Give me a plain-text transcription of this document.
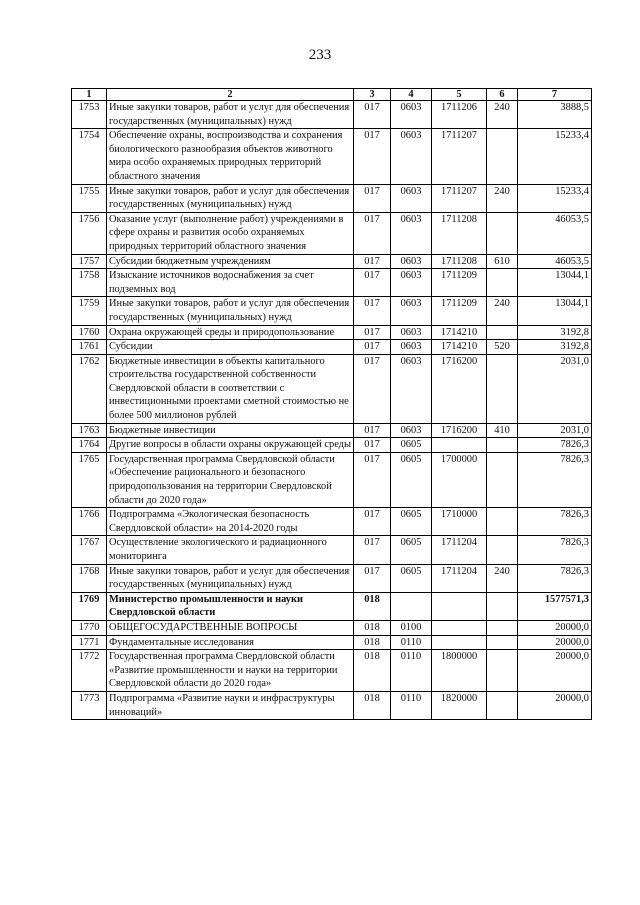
233
1	2	3	4	5	6	7
1753	Иные закупки товаров, работ и услуг для обеспечения государственных (муниципальных) нужд	017	0603	1711206	240	3888,5
1754	Обеспечение охраны, воспроизводства и сохранения биологического разнообразия объектов животного мира особо охраняемых природных территорий областного значения	017	0603	1711207		15233,4
1755	Иные закупки товаров, работ и услуг для обеспечения государственных (муниципальных) нужд	017	0603	1711207	240	15233,4
1756	Оказание услуг (выполнение работ) учреждениями в сфере охраны и развития особо охраняемых природных территорий областного значения	017	0603	1711208		46053,5
1757	Субсидии бюджетным учреждениям	017	0603	1711208	610	46053,5
1758	Изыскание источников водоснабжения за счет подземных вод	017	0603	1711209		13044,1
1759	Иные закупки товаров, работ и услуг для обеспечения государственных (муниципальных) нужд	017	0603	1711209	240	13044,1
1760	Охрана окружающей среды и природопользование	017	0603	1714210		3192,8
1761	Субсидии	017	0603	1714210	520	3192,8
1762	Бюджетные инвестиции в объекты капитального строительства государственной собственности Свердловской области в соответствии с инвестиционными проектами сметной стоимостью не более 500 миллионов рублей	017	0603	1716200		2031,0
1763	Бюджетные инвестиции	017	0603	1716200	410	2031,0
1764	Другие вопросы в области охраны окружающей среды	017	0605			7826,3
1765	Государственная программа Свердловской области «Обеспечение рационального и безопасного природопользования на территории Свердловской области до 2020 года»	017	0605	1700000		7826,3
1766	Подпрограмма «Экологическая безопасность Свердловской области» на 2014-2020 годы	017	0605	1710000		7826,3
1767	Осуществление экологического и радиационного мониторинга	017	0605	1711204		7826,3
1768	Иные закупки товаров, работ и услуг для обеспечения государственных (муниципальных) нужд	017	0605	1711204	240	7826,3
1769	Министерство промышленности и науки Свердловской области	018				1577571,3
1770	ОБЩЕГОСУДАРСТВЕННЫЕ ВОПРОСЫ	018	0100			20000,0
1771	Фундаментальные исследования	018	0110			20000,0
1772	Государственная программа Свердловской области «Развитие промышленности и науки на территории Свердловской области до 2020 года»	018	0110	1800000		20000,0
1773	Подпрограмма «Развитие науки и инфраструктуры инноваций»	018	0110	1820000		20000,0
